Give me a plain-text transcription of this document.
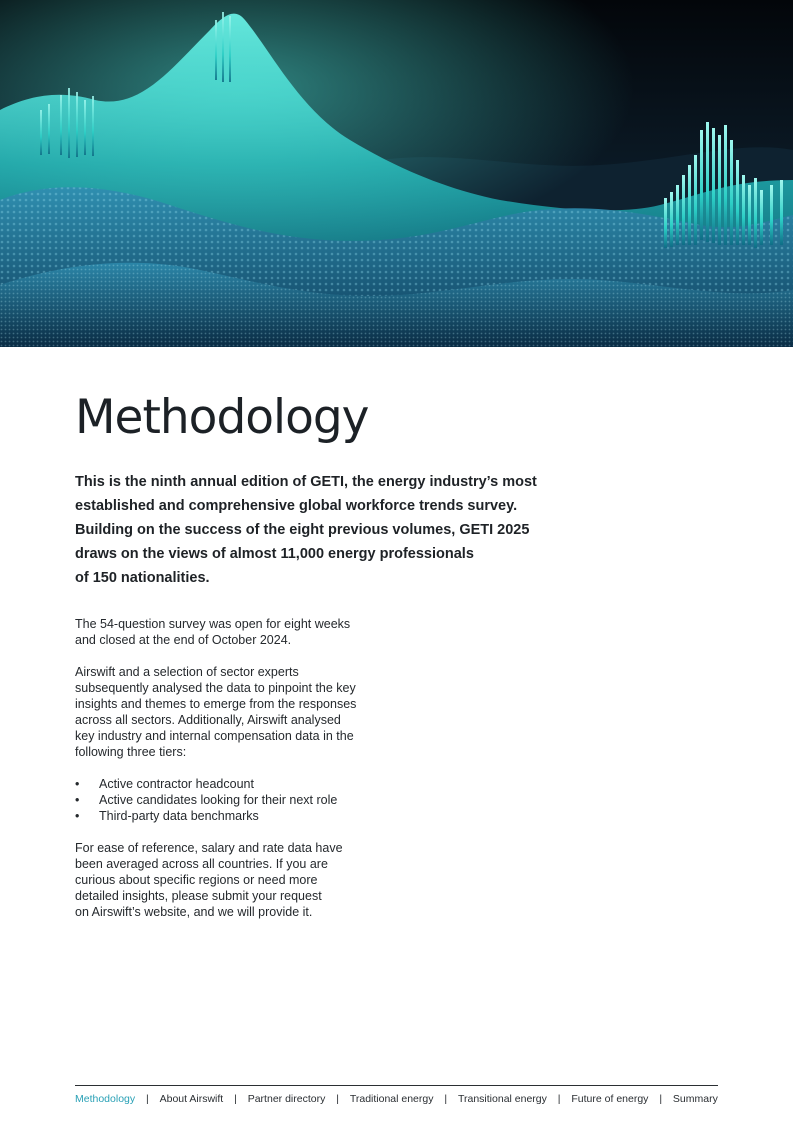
Methodology
This is the ninth annual edition of GETI, the energy industry’s most
established and comprehensive global workforce trends survey.
Building on the success of the eight previous volumes, GETI 2025
draws on the views of almost 11,000 energy professionals
of 150 nationalities.

The 54-question survey was open for eight weeks
and closed at the end of October 2024.

Airswift and a selection of sector experts
subsequently analysed the data to pinpoint the key
insights and themes to emerge from the responses
across all sectors. Additionally, Airswift analysed
key industry and internal compensation data in the
following three tiers:

• Active contractor headcount
• Active candidates looking for their next role
• Third-party data benchmarks

For ease of reference, salary and rate data have
been averaged across all countries. If you are
curious about specific regions or need more
detailed insights, please submit your request
on Airswift’s website, and we will provide it.

Methodology | About Airswift | Partner directory | Traditional energy | Transitional energy | Future of energy | Summary
